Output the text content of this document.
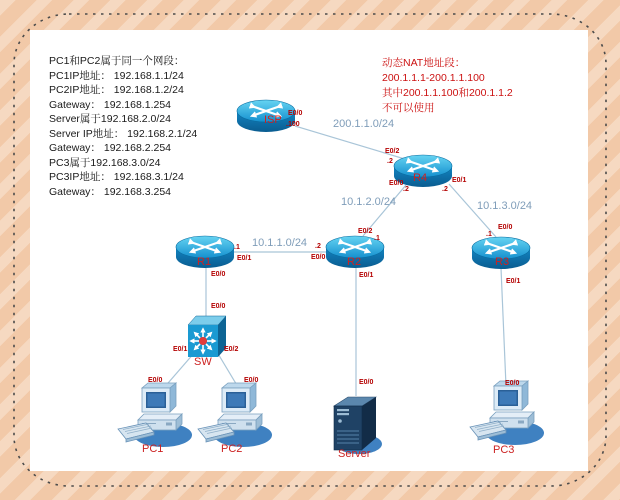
PC1和PC2属于同一个网段：
PC1IP地址： 192.168.1.1/24
PC2IP地址： 192.168.1.2/24
Gateway： 192.168.1.254
Server属于192.168.2.0/24
Server IP地址： 192.168.2.1/24
Gateway： 192.168.2.254
PC3属于192.168.3.0/24
PC3IP地址： 192.168.3.1/24
Gateway： 192.168.3.254
动态NAT地址段：
200.1.1.1-200.1.1.100
其中200.1.1.100和200.1.1.2
不可以使用
ISP
R4
R1	R2	R3
SW
PC1	PC2	Server	PC3
E0/0
.100
E0/2
.2
E0/0
.2
E0/1
.2
.1
E0/1
E0/0
E0/2
.1
.2
E0/0
E0/1
E0/0
.1
E0/1
E0/0
E0/1	E0/2
E0/0	E0/0	E0/0	E0/0
200.1.1.0/24
10.1.2.0/24	10.1.3.0/24
10.1.1.0/24
